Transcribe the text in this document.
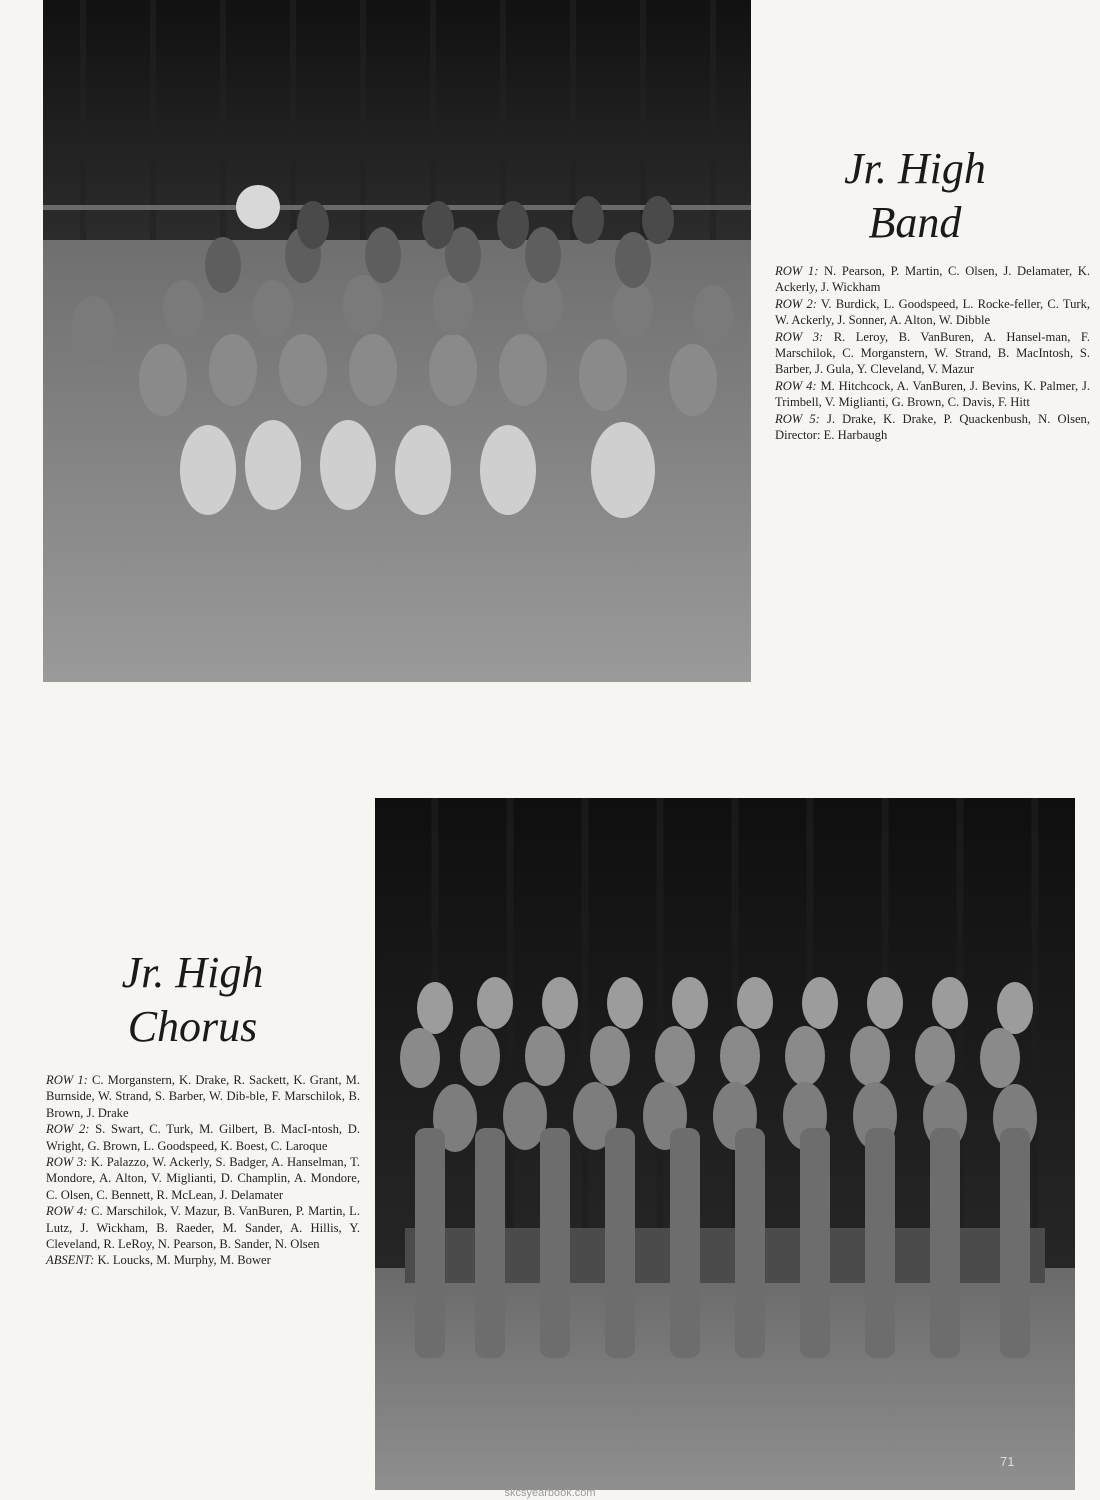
Jr. High
Band
ROW 1: N. Pearson, P. Martin, C. Olsen, J. Delamater, K. Ackerly, J. Wickham
ROW 2: V. Burdick, L. Goodspeed, L. Rocke-feller, C. Turk, W. Ackerly, J. Sonner, A. Alton, W. Dibble
ROW 3: R. Leroy, B. VanBuren, A. Hansel-man, F. Marschilok, C. Morganstern, W. Strand, B. MacIntosh, S. Barber, J. Gula, Y. Cleveland, V. Mazur
ROW 4: M. Hitchcock, A. VanBuren, J. Bevins, K. Palmer, J. Trimbell, V. Miglianti, G. Brown, C. Davis, F. Hitt
ROW 5: J. Drake, K. Drake, P. Quackenbush, N. Olsen, Director: E. Harbaugh
Jr. High
Chorus
ROW 1: C. Morganstern, K. Drake, R. Sackett, K. Grant, M. Burnside, W. Strand, S. Barber, W. Dib-ble, F. Marschilok, B. Brown, J. Drake
ROW 2: S. Swart, C. Turk, M. Gilbert, B. MacI-ntosh, D. Wright, G. Brown, L. Goodspeed, K. Boest, C. Laroque
ROW 3: K. Palazzo, W. Ackerly, S. Badger, A. Hanselman, T. Mondore, A. Alton, V. Miglianti, D. Champlin, A. Mondore, C. Olsen, C. Bennett, R. McLean, J. Delamater
ROW 4: C. Marschilok, V. Mazur, B. VanBuren, P. Martin, L. Lutz, J. Wickham, B. Raeder, M. Sander, A. Hillis, Y. Cleveland, R. LeRoy, N. Pearson, B. Sander, N. Olsen
ABSENT: K. Loucks, M. Murphy, M. Bower
71
skcsyearbook.com
